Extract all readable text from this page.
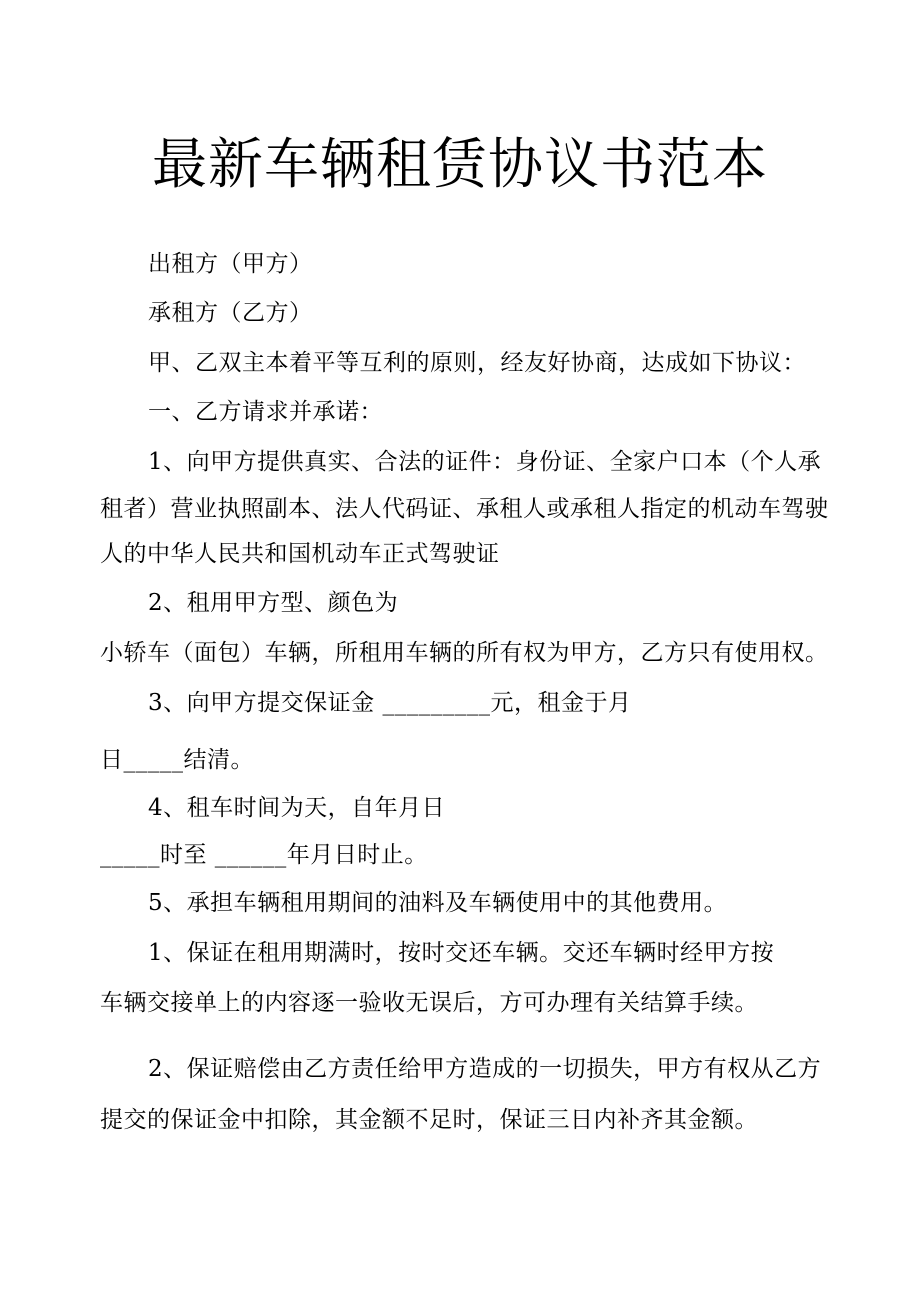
最新车辆租赁协议书范本
出租方（甲方）
承租方（乙方）
甲、乙双主本着平等互利的原则，经友好协商，达成如下协议：
一、乙方请求并承诺：
1、向甲方提供真实、合法的证件：身份证、全家户口本（个人承
租者）营业执照副本、法人代码证、承租人或承租人指定的机动车驾驶
人的中华人民共和国机动车正式驾驶证
2、租用甲方型、颜色为
小轿车（面包）车辆，所租用车辆的所有权为甲方，乙方只有使用权。
3、向甲方提交保证金 _________元，租金于月
日_____结清。
4、租车时间为天，自年月日
_____时至 ______年月日时止。
5、承担车辆租用期间的油料及车辆使用中的其他费用。
1、保证在租用期满时，按时交还车辆。交还车辆时经甲方按
车辆交接单上的内容逐一验收无误后，方可办理有关结算手续。
2、保证赔偿由乙方责任给甲方造成的一切损失，甲方有权从乙方
提交的保证金中扣除，其金额不足时，保证三日内补齐其金额。
